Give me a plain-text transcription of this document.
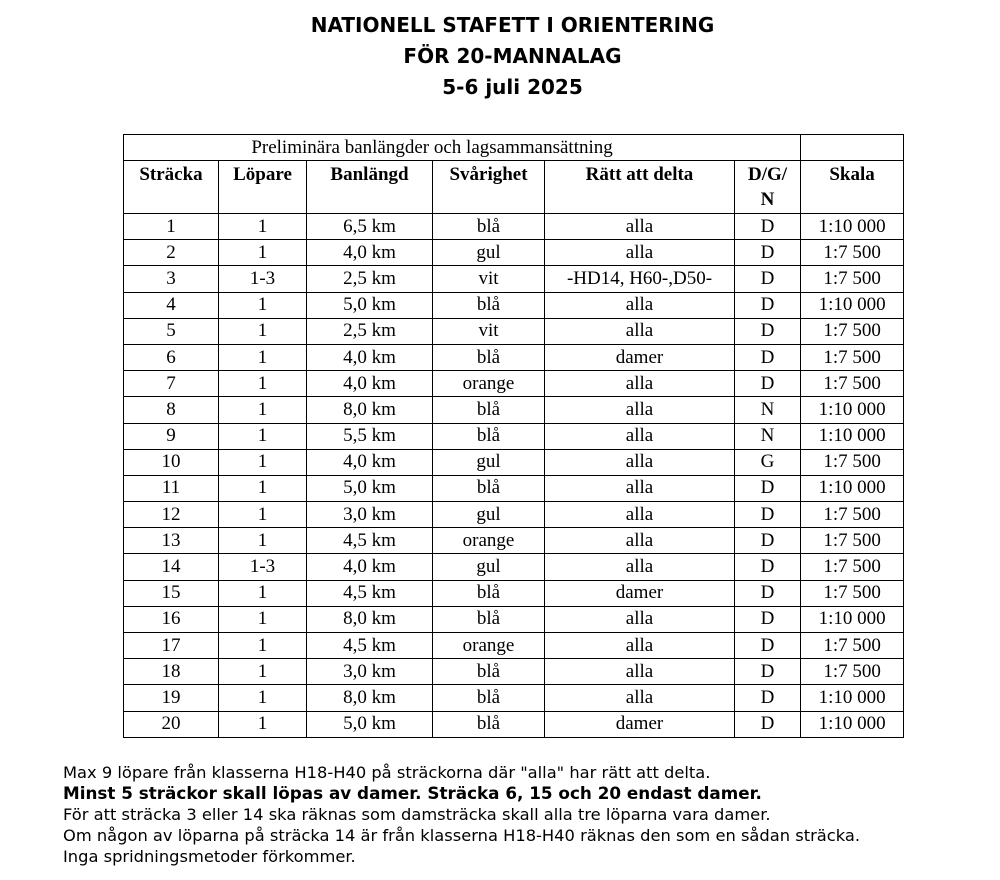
NATIONELL STAFETT I ORIENTERING
FÖR 20-MANNALAG
5-6 juli 2025
Preliminära banlängder och lagsammansättning						
Sträcka	Löpare	Banlängd	Svårighet	Rätt att delta	D/G/ N	Skala
1	1	6,5 km	blå	alla	D	1:10 000
2	1	4,0 km	gul	alla	D	1:7 500
3	1-3	2,5 km	vit	-HD14, H60-,D50-	D	1:7 500
4	1	5,0 km	blå	alla	D	1:10 000
5	1	2,5 km	vit	alla	D	1:7 500
6	1	4,0 km	blå	damer	D	1:7 500
7	1	4,0 km	orange	alla	D	1:7 500
8	1	8,0 km	blå	alla	N	1:10 000
9	1	5,5 km	blå	alla	N	1:10 000
10	1	4,0 km	gul	alla	G	1:7 500
11	1	5,0 km	blå	alla	D	1:10 000
12	1	3,0 km	gul	alla	D	1:7 500
13	1	4,5 km	orange	alla	D	1:7 500
14	1-3	4,0 km	gul	alla	D	1:7 500
15	1	4,5 km	blå	damer	D	1:7 500
16	1	8,0 km	blå	alla	D	1:10 000
17	1	4,5 km	orange	alla	D	1:7 500
18	1	3,0 km	blå	alla	D	1:7 500
19	1	8,0 km	blå	alla	D	1:10 000
20	1	5,0 km	blå	damer	D	1:10 000
Max 9 löpare från klasserna H18-H40 på sträckorna där "alla" har rätt att delta.
Minst 5 sträckor skall löpas av damer. Sträcka 6, 15 och 20 endast damer.
För att sträcka 3 eller 14 ska räknas som damsträcka skall alla tre löparna vara damer.
Om någon av löparna på sträcka 14 är från klasserna H18-H40 räknas den som en sådan sträcka.
Inga spridningsmetoder förkommer.
